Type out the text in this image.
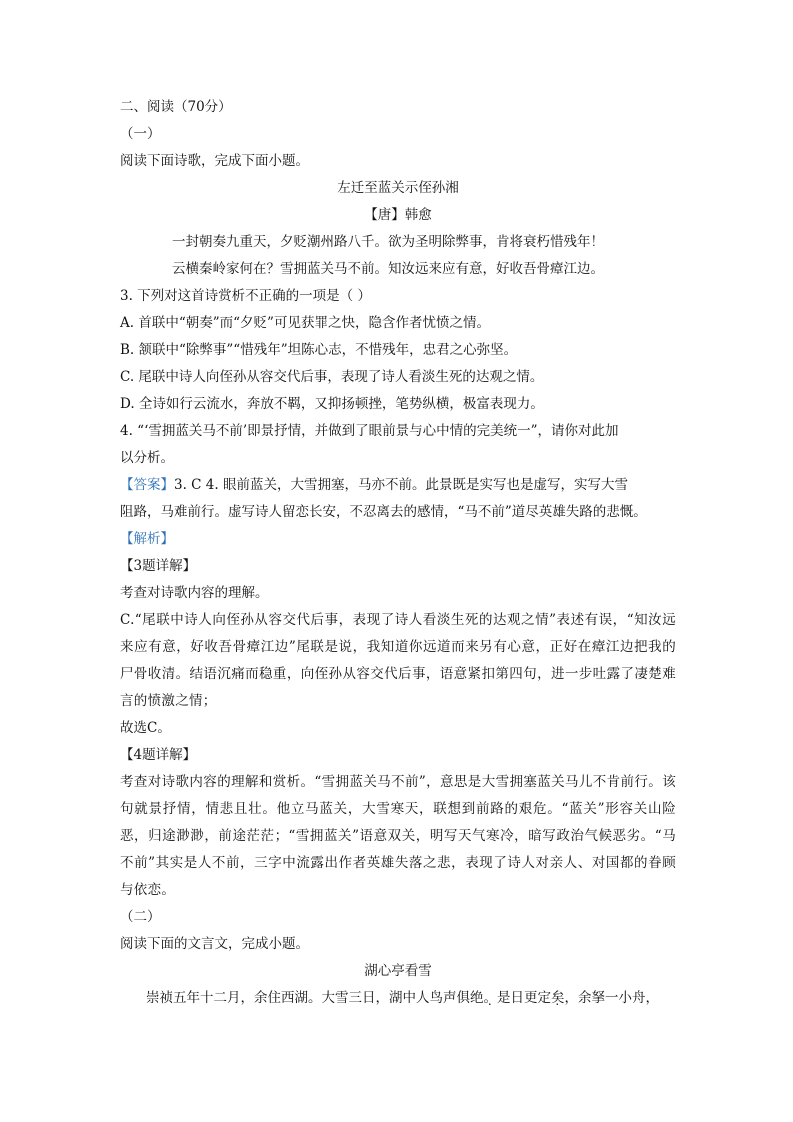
二、阅读（70分）
（一）
阅读下面诗歌，完成下面小题。
左迁至蓝关示侄孙湘
【唐】韩愈
一封朝奏九重天，夕贬潮州路八千。欲为圣明除弊事，肯将衰朽惜残年！
云横秦岭家何在？雪拥蓝关马不前。知汝远来应有意，好收吾骨瘴江边。
3. 下列对这首诗赏析不正确的一项是（ ）
A. 首联中“朝奏”而“夕贬”可见获罪之快，隐含作者忧愤之情。
B. 颔联中“除弊事”“惜残年”坦陈心志，不惜残年，忠君之心弥坚。
C. 尾联中诗人向侄孙从容交代后事，表现了诗人看淡生死的达观之情。
D. 全诗如行云流水，奔放不羁，又抑扬顿挫，笔势纵横，极富表现力。
4. “‘雪拥蓝关马不前’即景抒情，并做到了眼前景与心中情的完美统一”，请你对此加
以分析。
【答案】3. C 4. 眼前蓝关，大雪拥塞，马亦不前。此景既是实写也是虚写，实写大雪
阻路，马难前行。虚写诗人留恋长安，不忍离去的感情，“马不前”道尽英雄失路的悲慨。
【解析】
【3题详解】
考查对诗歌内容的理解。
C.“尾联中诗人向侄孙从容交代后事，表现了诗人看淡生死的达观之情”表述有误，“知汝远来应有意，好收吾骨瘴江边”尾联是说，我知道你远道而来另有心意，正好在瘴江边把我的尸骨收清。结语沉痛而稳重，向侄孙从容交代后事，语意紧扣第四句，进一步吐露了凄楚难言的愤激之情；
故选C。
【4题详解】
考查对诗歌内容的理解和赏析。“雪拥蓝关马不前”，意思是大雪拥塞蓝关马儿不肯前行。该句就景抒情，情悲且壮。他立马蓝关，大雪寒天，联想到前路的艰危。“蓝关”形容关山险恶，归途渺渺，前途茫茫；“雪拥蓝关”语意双关，明写天气寒冷，暗写政治气候恶劣。“马不前”其实是人不前，三字中流露出作者英雄失落之悲，表现了诗人对亲人、对国都的眷顾与依恋。
（二）
阅读下面的文言文，完成小题。
湖心亭看雪
崇祯五年十二月，余住西湖。大雪三日，湖中人鸟声俱绝 .。是日更定 .矣，余拏一小舟，
